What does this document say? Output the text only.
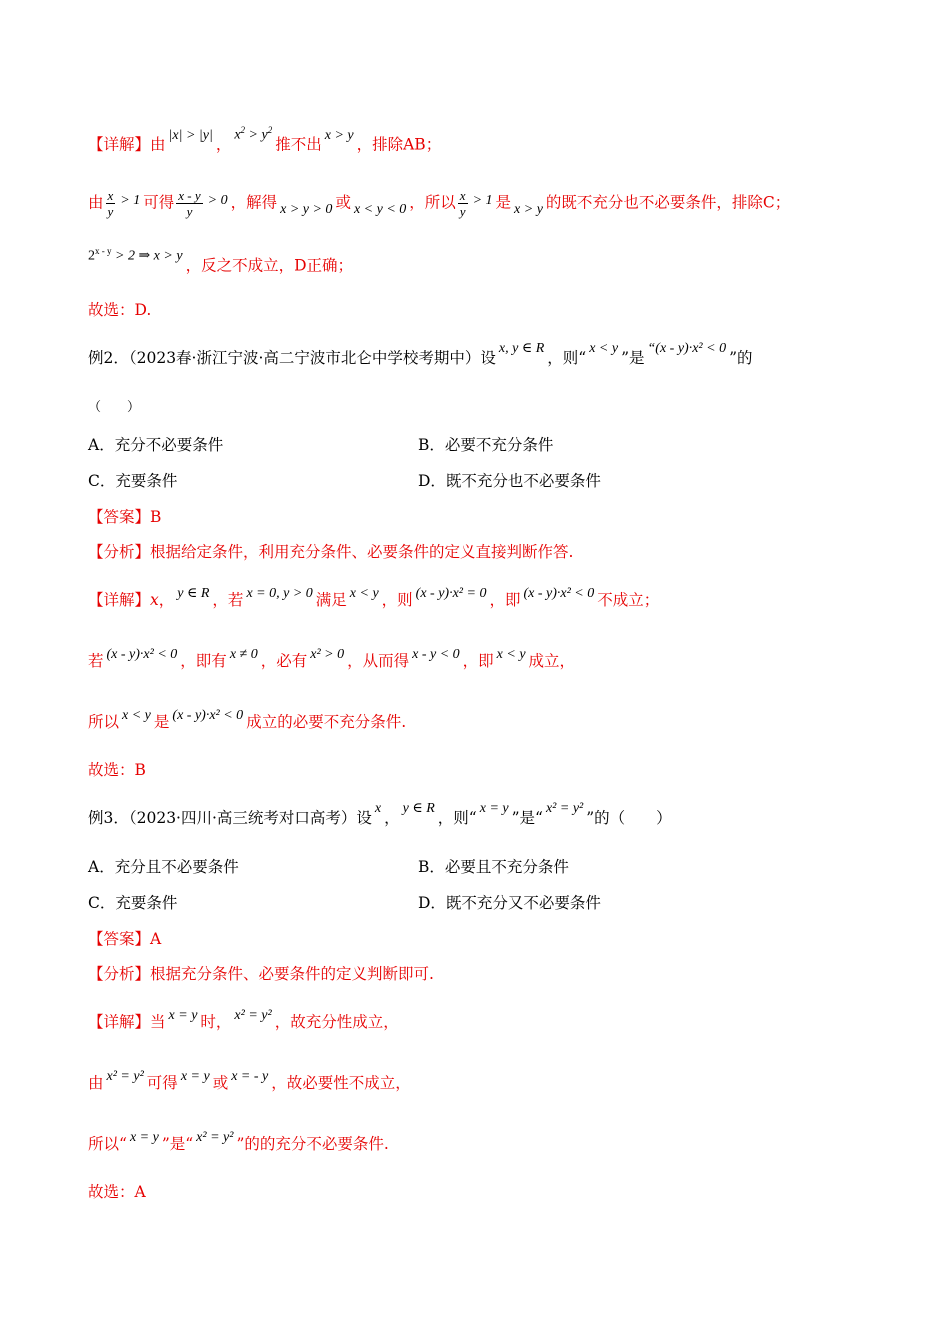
【详解】由|x| > |y|，$x^2 > y^2$推不出x > y，排除AB；
由 $\frac{x}{y} > 1$ 可得 $\frac{x - y}{y} > 0$ ，解得 x > y > 0 或 x < y < 0 ，所以 $\frac{x}{y} > 1$ 是 x > y 的既不充分也不必要条件，排除C；
$2^{x - y} > 2$ ⇒ x > y，反之不成立，D正确；
故选：D.
例2．（2023春·浙江宁波·高二宁波市北仑中学校考期中）设x, y ∈ R，则“x < y”是“(x - y)·x² < 0”的
（　　）
A．充分不必要条件	B．必要不充分条件
C．充要条件	D．既不充分也不必要条件
【答案】B
【分析】根据给定条件，利用充分条件、必要条件的定义直接判断作答.
【详解】x， y ∈ R ，若 x = 0, y > 0 满足 x < y ，则 (x - y)·x² = 0 ，即 (x - y)·x² < 0 不成立；
若 (x - y)·x² < 0 ，即有 x ≠ 0 ，必有 x² > 0 ，从而得 x - y < 0 ，即 x < y 成立，
所以 x < y 是 (x - y)·x² < 0 成立的必要不充分条件.
故选：B
例3．（2023·四川·高三统考对口高考）设x，y ∈ R，则“x = y”是“x² = y²”的（　　）
A．充分且不必要条件	B．必要且不充分条件
C．充要条件	D．既不充分又不必要条件
【答案】A
【分析】根据充分条件、必要条件的定义判断即可.
【详解】当 x = y 时， x² = y² ，故充分性成立，
由 x² = y² 可得 x = y 或 x = - y ，故必要性不成立，
所以“ x = y ”是“ x² = y² ”的的充分不必要条件.
故选：A
